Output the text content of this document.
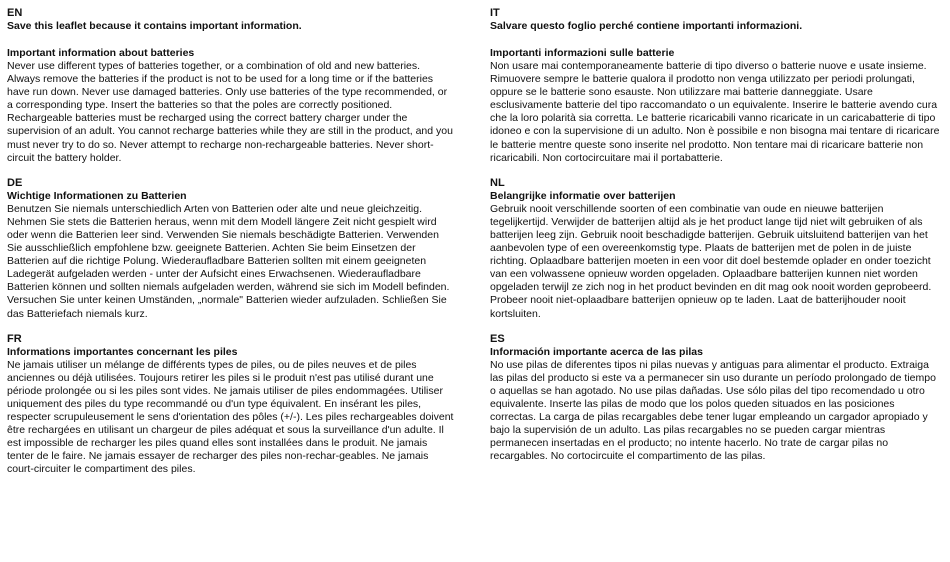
EN
Save this leaflet because it contains important information.
Important information about batteries

Never use different types of batteries together, or a combination of old and new batteries. Always remove the batteries if the product is not to be used for a long time or if the batteries have run down. Never use damaged batteries. Only use batteries of the type recommended, or a corresponding type. Insert the batteries so that the poles are correctly positioned. Rechargeable batteries must be recharged using the correct battery charger under the supervision of an adult. You cannot recharge batteries while they are still in the product, and you must never try to do so. Never attempt to recharge non-rechargeable batteries. Never short-circuit the battery holder.

DE
Wichtige Informationen zu Batterien

Benutzen Sie niemals unterschiedlich Arten von Batterien oder alte und neue gleichzeitig. Nehmen Sie stets die Batterien heraus, wenn mit dem Modell längere Zeit nicht gespielt wird oder wenn die Batterien leer sind. Verwenden Sie niemals beschädigte Batterien. Verwenden Sie ausschließlich empfohlene bzw. geeignete Batterien. Achten Sie beim Einsetzen der Batterien auf die richtige Polung. Wiederaufladbare Batterien sollten mit einem geeigneten Ladegerät aufgeladen werden - unter der Aufsicht eines Erwachsenen. Wiederaufladbare Batterien können und sollten niemals aufgeladen werden, während sie sich im Modell befinden. Versuchen Sie unter keinen Umständen, „normale" Batterien wieder aufzuladen. Schließen Sie das Batteriefach niemals kurz.

FR
Informations importantes concernant les piles

Ne jamais utiliser un mélange de différents types de piles, ou de piles neuves et de piles anciennes ou déjà utilisées. Toujours retirer les piles si le produit n'est pas utilisé durant une période prolongée ou si les piles sont vides. Ne jamais utiliser de piles endommagées. Utiliser uniquement des piles du type recommandé ou d'un type équivalent. En insérant les piles, respecter scrupuleusement le sens d'orientation des pôles (+/-). Les piles rechargeables doivent être rechargées en utilisant un chargeur de piles adéquat et sous la surveillance d'un adulte. Il est impossible de recharger les piles quand elles sont installées dans le produit. Ne jamais tenter de le faire. Ne jamais essayer de recharger des piles non-rechar-geables. Ne jamais court-circuiter le compartiment des piles.

IT
Salvare questo foglio perché contiene importanti informazioni.
Importanti informazioni sulle batterie

Non usare mai contemporaneamente batterie di tipo diverso o batterie nuove e usate insieme. Rimuovere sempre le batterie qualora il prodotto non venga utilizzato per periodi prolungati, oppure se le batterie sono esauste. Non utilizzare mai batterie danneggiate. Usare esclusivamente batterie del tipo raccomandato o un equivalente. Inserire le batterie avendo cura che la loro polarità sia corretta. Le batterie ricaricabili vanno ricaricate in un caricabatterie di tipo idoneo e con la supervisione di un adulto. Non è possibile e non bisogna mai tentare di ricaricare le batterie mentre queste sono inserite nel prodotto. Non tentare mai di ricaricare batterie non ricaricabili. Non cortocircuitare mai il portabatterie.

NL
Belangrijke informatie over batterijen

Gebruik nooit verschillende soorten of een combinatie van oude en nieuwe batterijen tegelijkertijd. Verwijder de batterijen altijd als je het product lange tijd niet wilt gebruiken of als batterijen leeg zijn. Gebruik nooit beschadigde batterijen. Gebruik uitsluitend batterijen van het aanbevolen type of een overeenkomstig type. Plaats de batterijen met de polen in de juiste richting. Oplaadbare batterijen moeten in een voor dit doel bestemde oplader en onder toezicht van een volwassene opnieuw worden opgeladen. Oplaadbare batterijen kunnen niet worden opgeladen terwijl ze zich nog in het product bevinden en dit mag ook nooit worden geprobeerd. Probeer nooit niet-oplaadbare batterijen opnieuw op te laden. Laat de batterijhouder nooit kortsluiten.

ES
Información importante acerca de las pilas

No use pilas de diferentes tipos ni pilas nuevas y antiguas para alimentar el producto. Extraiga las pilas del producto si este va a permanecer sin uso durante un período prolongado de tiempo o aquellas se han agotado. No use pilas dañadas. Use sólo pilas del tipo recomendado u otro equivalente. Inserte las pilas de modo que los polos queden situados en las posiciones correctas. La carga de pilas recargables debe tener lugar empleando un cargador apropiado y bajo la supervisión de un adulto. Las pilas recargables no se pueden cargar mientras permanecen insertadas en el producto; no intente hacerlo. No trate de cargar pilas no recargables. No cortocircuite el compartimento de las pilas.
